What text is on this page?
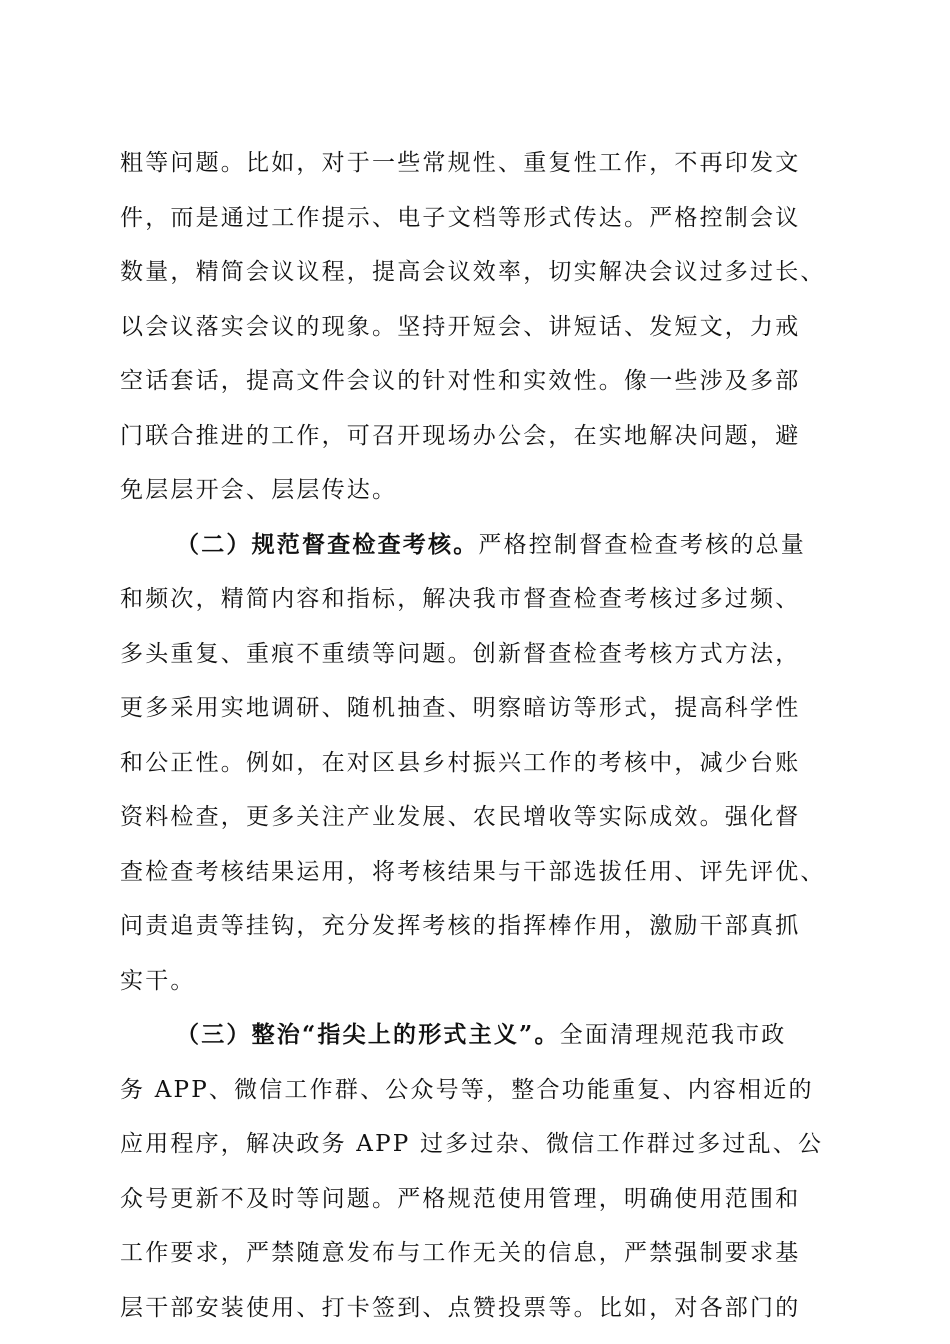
粗等问题。比如，对于一些常规性、重复性工作，不再印发文
件，而是通过工作提示、电子文档等形式传达。严格控制会议
数量，精简会议议程，提高会议效率，切实解决会议过多过长、
以会议落实会议的现象。坚持开短会、讲短话、发短文，力戒
空话套话，提高文件会议的针对性和实效性。像一些涉及多部
门联合推进的工作，可召开现场办公会，在实地解决问题，避
免层层开会、层层传达。
（二）规范督查检查考核。严格控制督查检查考核的总量
和频次，精简内容和指标，解决我市督查检查考核过多过频、
多头重复、重痕不重绩等问题。创新督查检查考核方式方法，
更多采用实地调研、随机抽查、明察暗访等形式，提高科学性
和公正性。例如，在对区县乡村振兴工作的考核中，减少台账
资料检查，更多关注产业发展、农民增收等实际成效。强化督
查检查考核结果运用，将考核结果与干部选拔任用、评先评优、
问责追责等挂钩，充分发挥考核的指挥棒作用，激励干部真抓
实干。
（三）整治“指尖上的形式主义”。全面清理规范我市政
务 APP、微信工作群、公众号等，整合功能重复、内容相近的
应用程序，解决政务 APP 过多过杂、微信工作群过多过乱、公
众号更新不及时等问题。严格规范使用管理，明确使用范围和
工作要求，严禁随意发布与工作无关的信息，严禁强制要求基
层干部安装使用、打卡签到、点赞投票等。比如，对各部门的
